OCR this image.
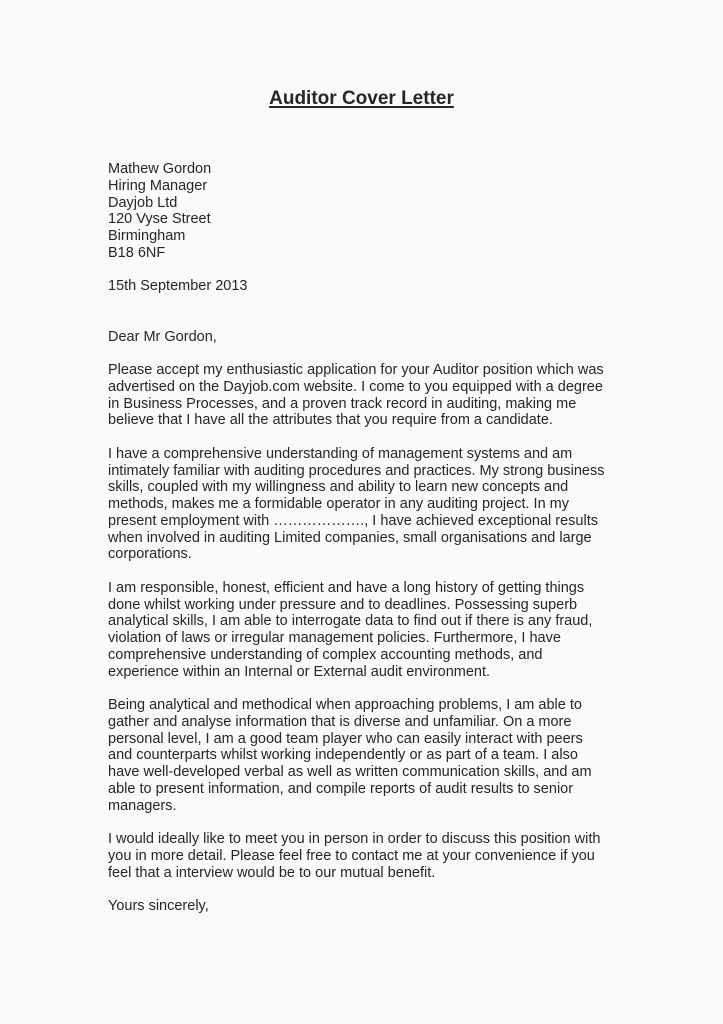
Auditor Cover Letter
Mathew Gordon
Hiring Manager
Dayjob Ltd
120 Vyse Street
Birmingham
B18 6NF
15th September 2013
Dear Mr Gordon,
Please accept my enthusiastic application for your Auditor position which was
advertised on the Dayjob.com website. I come to you equipped with a degree
in Business Processes, and a proven track record in auditing, making me
believe that I have all the attributes that you require from a candidate.
I have a comprehensive understanding of management systems and am
intimately familiar with auditing procedures and practices. My strong business
skills, coupled with my willingness and ability to learn new concepts and
methods, makes me a formidable operator in any auditing project. In my
present employment with ………………., I have achieved exceptional results
when involved in auditing Limited companies, small organisations and large
corporations.
I am responsible, honest, efficient and have a long history of getting things
done whilst working under pressure and to deadlines. Possessing superb
analytical skills, I am able to interrogate data to find out if there is any fraud,
violation of laws or irregular management policies. Furthermore, I have
comprehensive understanding of complex accounting methods, and
experience within an Internal or External audit environment.
Being analytical and methodical when approaching problems, I am able to
gather and analyse information that is diverse and unfamiliar. On a more
personal level, I am a good team player who can easily interact with peers
and counterparts whilst working independently or as part of a team. I also
have well-developed verbal as well as written communication skills, and am
able to present information, and compile reports of audit results to senior
managers.
I would ideally like to meet you in person in order to discuss this position with
you in more detail. Please feel free to contact me at your convenience if you
feel that a interview would be to our mutual benefit.
Yours sincerely,
